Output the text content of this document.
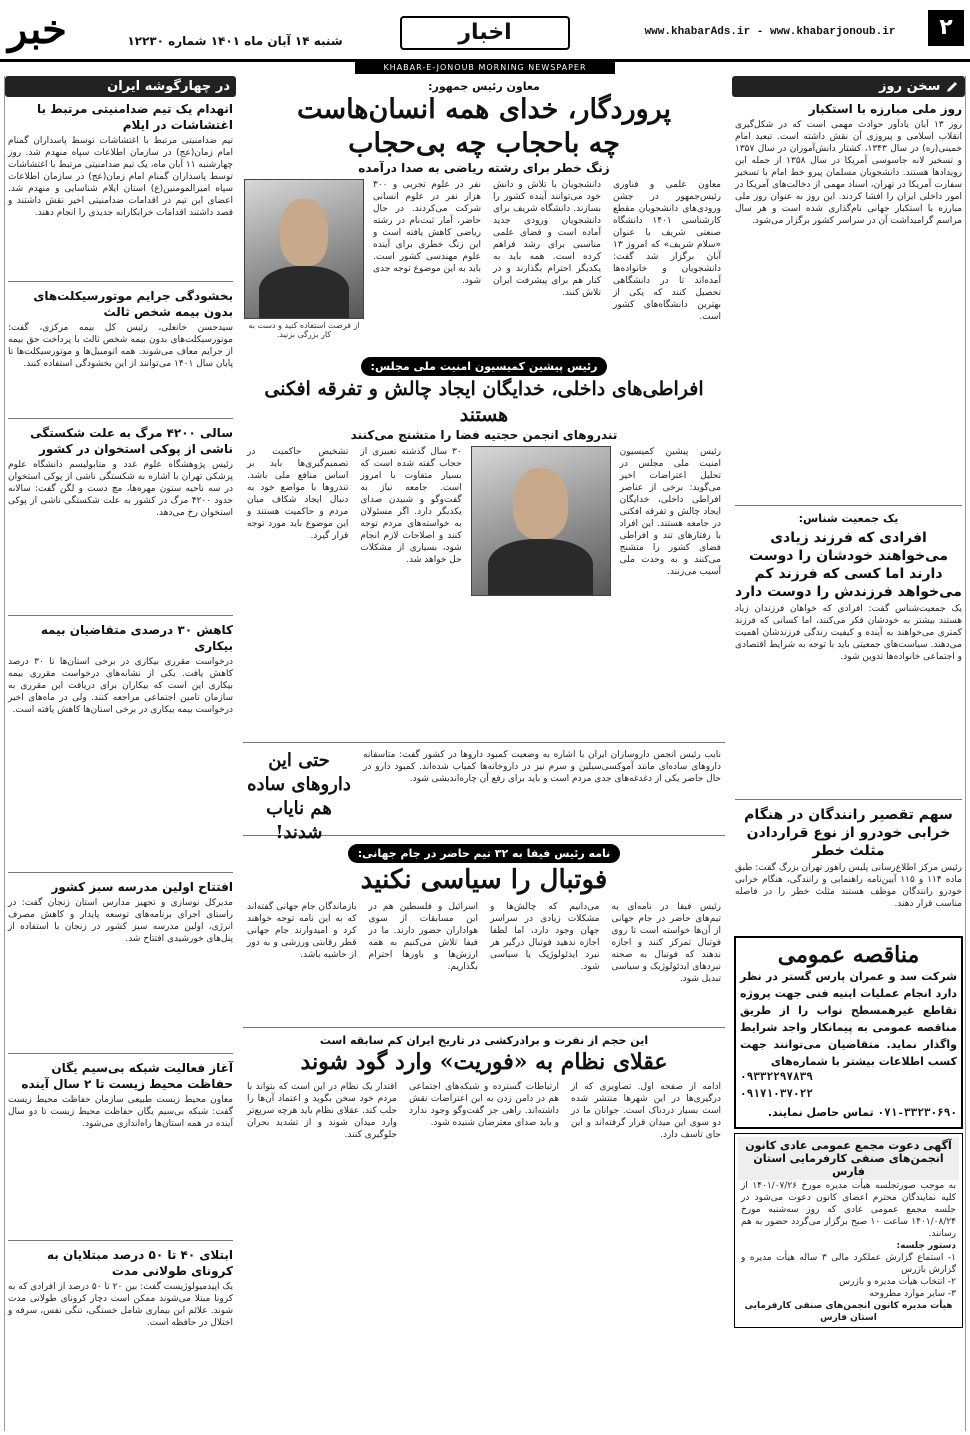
۲
www.khabarAds.ir - www.khabarjonoub.ir
اخبار
شنبه ۱۴ آبان ماه ۱۴۰۱ شماره ۱۲۲۳۰
خبر
KHABAR-E-JONOUB MORNING NEWSPAPER
سخن روز
روز ملی مبارزه با استکبار
روز ۱۳ آبان یادآور حوادث مهمی است که در شکل‌گیری انقلاب اسلامی و پیروزی آن نقش داشته است. تبعید امام خمینی(ره) در سال ۱۳۴۳، کشتار دانش‌آموزان در سال ۱۳۵۷ و تسخیر لانه جاسوسی آمریکا در سال ۱۳۵۸ از جمله این رویدادها هستند. دانشجویان مسلمان پیرو خط امام با تسخیر سفارت آمریکا در تهران، اسناد مهمی از دخالت‌های آمریکا در امور داخلی ایران را افشا کردند. این روز به عنوان روز ملی مبارزه با استکبار جهانی نام‌گذاری شده است و هر سال مراسم گرامیداشت آن در سراسر کشور برگزار می‌شود.
یک جمعیت شناس:
افرادی که فرزند زیادی می‌خواهند خودشان را دوست دارند اما کسی که فرزند کم می‌خواهد فرزندش را دوست دارد
یک جمعیت‌شناس گفت: افرادی که خواهان فرزندان زیاد هستند بیشتر به خودشان فکر می‌کنند، اما کسانی که فرزند کمتری می‌خواهند به آینده و کیفیت زندگی فرزندشان اهمیت می‌دهند. سیاست‌های جمعیتی باید با توجه به شرایط اقتصادی و اجتماعی خانواده‌ها تدوین شود.
سهم تقصیر رانندگان در هنگام خرابی خودرو از نوع قراردادن مثلث خطر
رئیس مرکز اطلاع‌رسانی پلیس راهور تهران بزرگ گفت: طبق ماده ۱۱۴ و ۱۱۵ آیین‌نامه راهنمایی و رانندگی، هنگام خرابی خودرو رانندگان موظف هستند مثلث خطر را در فاصله مناسب قرار دهند.
مناقصه عمومی
شرکت سد و عمران پارس گستر در نظر دارد انجام عملیات ابنیه فنی جهت پروژه تقاطع غیرهمسطح نواب را از طریق مناقصه عمومی به پیمانکار واجد شرایط واگذار نماید. متقاضیان می‌توانند جهت کسب اطلاعات بیشتر با شماره‌های
۰۹۳۳۲۲۹۷۸۳۹
۰۹۱۷۱۰۳۷۰۲۲
۰۷۱-۳۳۲۳۰۶۹۰ تماس حاصل نمایند.
آگهی دعوت مجمع عمومی عادی کانون انجمن‌های صنفی کارفرمایی استان فارس
به موجب صورتجلسه هیأت مدیره مورخ ۱۴۰۱/۰۷/۲۶ از کلیه نمایندگان محترم اعضای کانون دعوت می‌شود در جلسه مجمع عمومی عادی که روز سه‌شنبه مورخ ۱۴۰۱/۰۸/۲۴ ساعت ۱۰ صبح برگزار می‌گردد حضور به هم رسانند.
دستور جلسه:
۱- استماع گزارش عملکرد مالی ۳ ساله هیأت مدیره و گزارش بازرس
۲- انتخاب هیأت مدیره و بازرس
۳- سایر موارد مطروحه
هیأت مدیره کانون انجمن‌های صنفی کارفرمایی استان فارس
معاون رئیس جمهور:
پروردگار، خدای همه انسان‌هاست
چه باحجاب چه بی‌حجاب
زنگ خطر برای رشته ریاضی به صدا درآمده
معاون علمی و فناوری رئیس‌جمهور در جشن ورودی‌های دانشجویان مقطع کارشناسی ۱۴۰۱ دانشگاه صنعتی شریف با عنوان «سلام شریف» که امروز ۱۳ آبان برگزار شد گفت: دانشجویان و خانواده‌ها آمده‌اند تا در دانشگاهی تحصیل کنند که یکی از بهترین دانشگاه‌های کشور است.
دانشجویان با تلاش و دانش خود می‌توانند آینده کشور را بسازند. دانشگاه شریف برای دانشجویان ورودی جدید آماده است و فضای علمی مناسبی برای رشد فراهم کرده است. همه باید به یکدیگر احترام بگذارند و در کنار هم برای پیشرفت ایران تلاش کنند.
نفر در علوم تجربی و ۳۰۰ هزار نفر در علوم انسانی شرکت می‌کردند. در حال حاضر، آمار ثبت‌نام در رشته ریاضی کاهش یافته است و این زنگ خطری برای آینده علوم مهندسی کشور است. باید به این موضوع توجه جدی شود.
از فرصت استفاده کنید و دست به کار بزرگی بزنید.
رئیس پیشین کمیسیون امنیت ملی مجلس:
افراطی‌های داخلی، خدایگان ایجاد چالش و تفرقه افکنی هستند
تندروهای انجمن حجتیه فضا را متشنج می‌کنند
رئیس پیشین کمیسیون امنیت ملی مجلس در تحلیل اعتراضات اخیر می‌گوید: برخی از عناصر افراطی داخلی، خدایگان ایجاد چالش و تفرقه افکنی در جامعه هستند. این افراد با رفتارهای تند و افراطی فضای کشور را متشنج می‌کنند و به وحدت ملی آسیب می‌زنند.
۳۰ سال گذشته تعبیری از حجاب گفته شده است که بسیار متفاوت با امروز است. جامعه نیاز به گفت‌وگو و شنیدن صدای یکدیگر دارد. اگر مسئولان به خواسته‌های مردم توجه کنند و اصلاحات لازم انجام شود، بسیاری از مشکلات حل خواهد شد.
تشخیص حاکمیت در تصمیم‌گیری‌ها باید بر اساس منافع ملی باشد. تندروها با مواضع خود به دنبال ایجاد شکاف میان مردم و حاکمیت هستند و این موضوع باید مورد توجه قرار گیرد.
نایب رئیس انجمن داروسازان ایران با اشاره به وضعیت کمبود داروها در کشور گفت: متاسفانه داروهای ساده‌ای مانند آموکسی‌سیلین و سرم نیز در داروخانه‌ها کمیاب شده‌اند. کمبود دارو در حال حاضر یکی از دغدغه‌های جدی مردم است و باید برای رفع آن چاره‌اندیشی شود.
حتی این داروهای ساده هم نایاب شدند!
نامه رئیس فیفا به ۳۲ تیم حاضر در جام جهانی:
فوتبال را سیاسی نکنید
رئیس فیفا در نامه‌ای به تیم‌های حاضر در جام جهانی از آن‌ها خواسته است تا روی فوتبال تمرکز کنند و اجازه ندهند که فوتبال به صحنه نبردهای ایدئولوژیک و سیاسی تبدیل شود.
می‌دانیم که چالش‌ها و مشکلات زیادی در سراسر جهان وجود دارد، اما لطفا اجازه ندهید فوتبال درگیر هر نبرد ایدئولوژیک یا سیاسی شود.
اسرائیل و فلسطین هم در این مسابقات از سوی هواداران حضور دارند. ما در فیفا تلاش می‌کنیم به همه ارزش‌ها و باورها احترام بگذاریم.
بازماندگان جام جهانی گفته‌اند که به این نامه توجه خواهند کرد و امیدوارند جام جهانی قطر رقابتی ورزشی و به دور از حاشیه باشد.
این حجم از نفرت و برادرکشی در تاریخ ایران کم سابقه است
عقلای نظام به «فوریت» وارد گود شوند
ادامه از صفحه اول. تصاویری که از درگیری‌ها در این شهرها منتشر شده است بسیار دردناک است. جوانان ما در دو سوی این میدان قرار گرفته‌اند و این جای تاسف دارد.
ارتباطات گسترده و شبکه‌های اجتماعی هم در دامن زدن به این اعتراضات نقش داشته‌اند. راهی جز گفت‌وگو وجود ندارد و باید صدای معترضان شنیده شود.
اقتدار یک نظام در این است که بتواند با مردم خود سخن بگوید و اعتماد آن‌ها را جلب کند. عقلای نظام باید هرچه سریع‌تر وارد میدان شوند و از تشدید بحران جلوگیری کنند.
در چهارگوشه ایران
انهدام یک تیم ضدامنیتی مرتبط با اغتشاشات در ایلام
تیم ضدامنیتی مرتبط با اغتشاشات توسط پاسداران گمنام امام زمان(عج) در سازمان اطلاعات سپاه منهدم شد. روز چهارشنبه ۱۱ آبان ماه، یک تیم ضدامنیتی مرتبط با اغتشاشات توسط پاسداران گمنام امام زمان(عج) در سازمان اطلاعات سپاه امیرالمومنین(ع) استان ایلام شناسایی و منهدم شد. اعضای این تیم در اقدامات ضدامنیتی اخیر نقش داشتند و قصد داشتند اقدامات خرابکارانه جدیدی را انجام دهند.
بخشودگی جرایم موتورسیکلت‌های بدون بیمه شخص ثالث
سیدحسن خانعلی، رئیس کل بیمه مرکزی، گفت: موتورسیکلت‌های بدون بیمه شخص ثالث با پرداخت حق بیمه از جرایم معاف می‌شوند. همه اتومبیل‌ها و موتورسیکلت‌ها تا پایان سال ۱۴۰۱ می‌توانند از این بخشودگی استفاده کنند.
سالی ۴۲۰۰ مرگ به علت شکستگی ناشی از پوکی استخوان در کشور
رئیس پژوهشگاه علوم غدد و متابولیسم دانشگاه علوم پزشکی تهران با اشاره به شکستگی ناشی از پوکی استخوان در سه ناحیه ستون مهره‌ها، مچ دست و لگن گفت: سالانه حدود ۴۲۰۰ مرگ در کشور به علت شکستگی ناشی از پوکی استخوان رخ می‌دهد.
کاهش ۳۰ درصدی متقاضیان بیمه بیکاری
درخواست مقرری بیکاری در برخی استان‌ها تا ۳۰ درصد کاهش یافت. یکی از نشانه‌های درخواست مقرری بیمه بیکاری این است که بیکاران برای دریافت این مقرری به سازمان تامین اجتماعی مراجعه کنند. ولی در ماه‌های اخیر درخواست بیمه بیکاری در برخی استان‌ها کاهش یافته است.
افتتاح اولین مدرسه سبز کشور
مدیرکل نوسازی و تجهیز مدارس استان زنجان گفت: در راستای اجرای برنامه‌های توسعه پایدار و کاهش مصرف انرژی، اولین مدرسه سبز کشور در زنجان با استفاده از پنل‌های خورشیدی افتتاح شد.
آغاز فعالیت شبکه بی‌سیم یگان حفاظت محیط زیست تا ۲ سال آینده
معاون محیط زیست طبیعی سازمان حفاظت محیط زیست گفت: شبکه بی‌سیم یگان حفاظت محیط زیست تا دو سال آینده در همه استان‌ها راه‌اندازی می‌شود.
ابتلای ۴۰ تا ۵۰ درصد مبتلایان به کرونای طولانی مدت
یک اپیدمیولوژیست گفت: بین ۲۰ تا ۵۰ درصد از افرادی که به کرونا مبتلا می‌شوند ممکن است دچار کرونای طولانی مدت شوند. علائم این بیماری شامل خستگی، تنگی نفس، سرفه و اختلال در حافظه است.
